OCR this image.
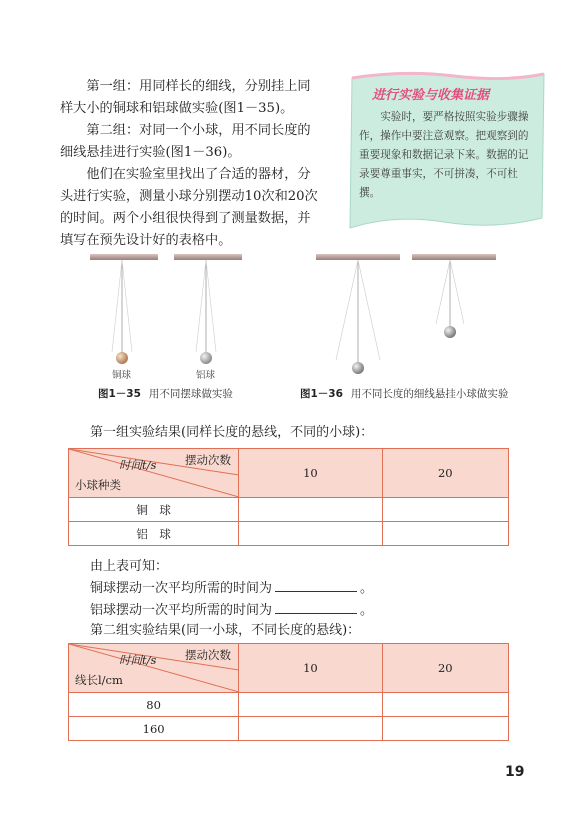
第一组：用同样长的细线，分别挂上同样大小的铜球和铝球做实验(图1－35)。

第二组：对同一个小球，用不同长度的细线悬挂进行实验(图1－36)。

他们在实验室里找出了合适的器材，分头进行实验，测量小球分别摆动10次和20次的时间。两个小组很快得到了测量数据，并填写在预先设计好的表格中。

进行实验与收集证据

实验时，要严格按照实验步骤操作，操作中要注意观察。把观察到的重要现象和数据记录下来。数据的记录要尊重事实，不可拼凑，不可杜撰。

铜球	铝球
图1－35 用不同摆球做实验	图1－36 用不同长度的细线悬挂小球做实验
第一组实验结果(同样长度的悬线，不同的小球)：
摆动次数
时间t/s
小球种类	10	20
铜　球		
铝　球		
由上表可知：
铜球摆动一次平均所需的时间为	。
铝球摆动一次平均所需的时间为	。
第二组实验结果(同一小球，不同长度的悬线)：
摆动次数
时间t/s
线长l/cm	10	20
80		
160		
19
